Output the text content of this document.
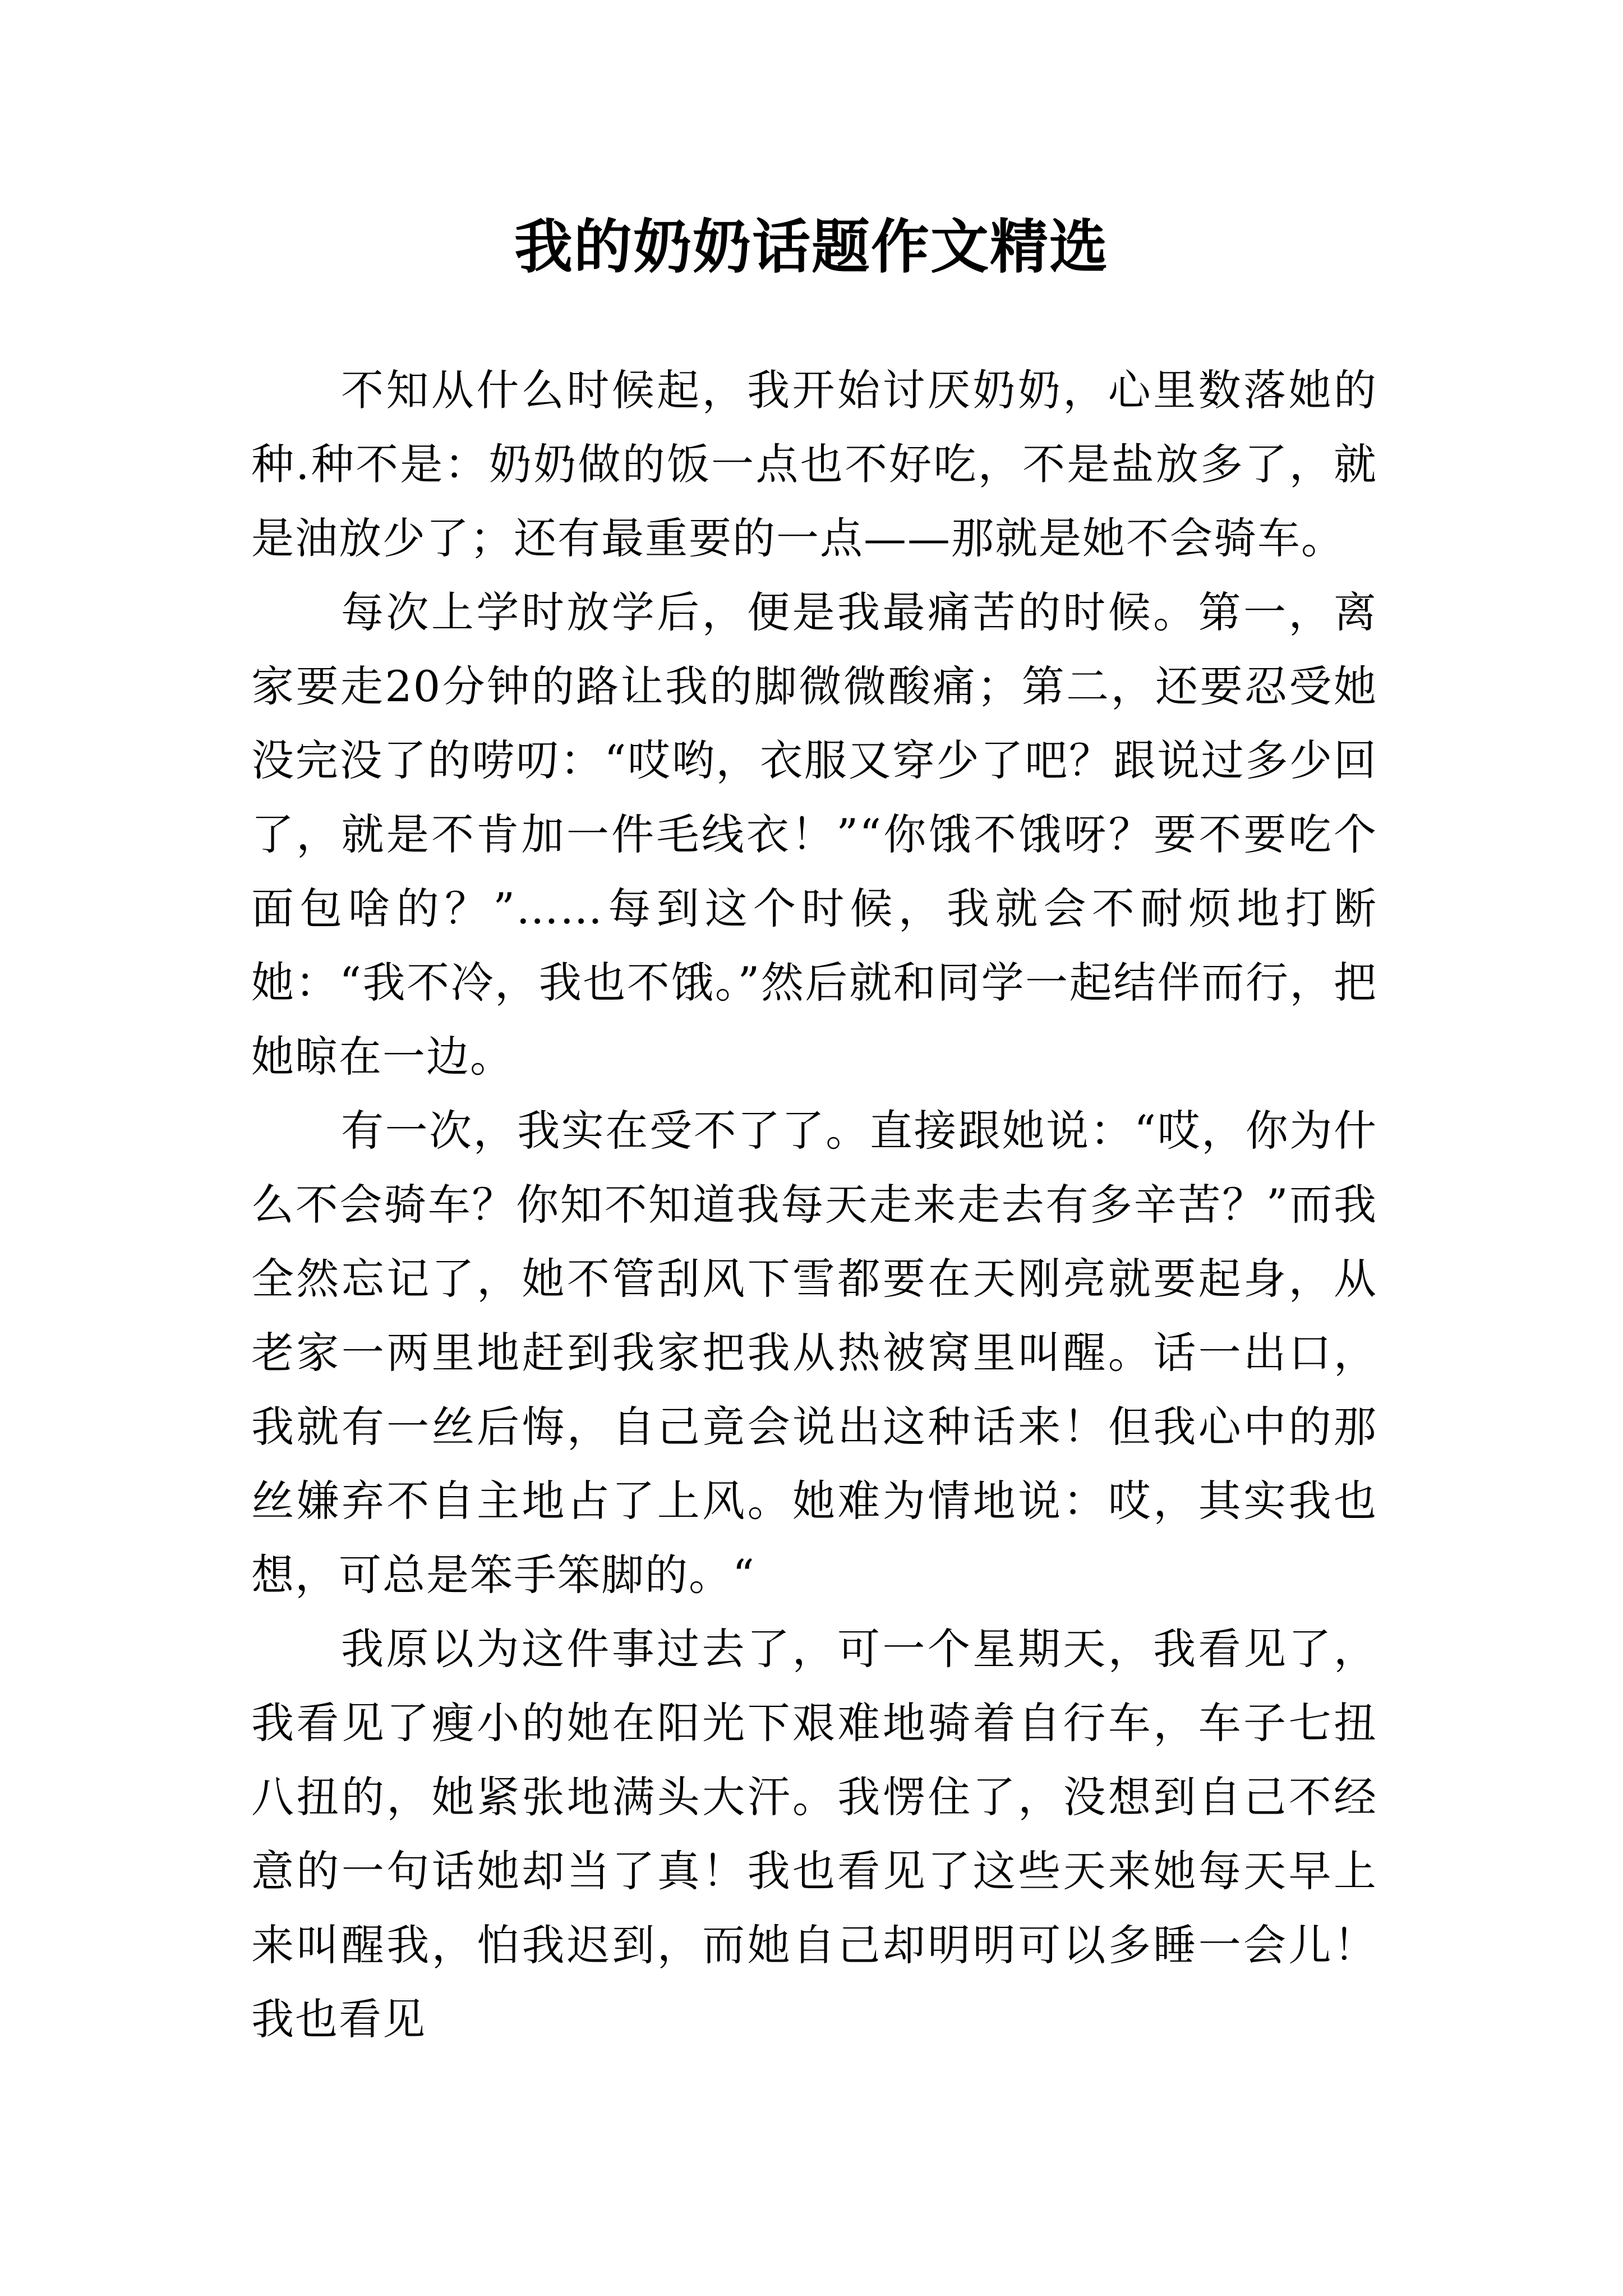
我的奶奶话题作文精选

不知从什么时候起，我开始讨厌奶奶，心里数落她的种.种不是：奶奶做的饭一点也不好吃，不是盐放多了，就是油放少了；还有最重要的一点——那就是她不会骑车。

每次上学时放学后，便是我最痛苦的时候。第一，离家要走20分钟的路让我的脚微微酸痛；第二，还要忍受她没完没了的唠叨：“哎哟，衣服又穿少了吧？跟说过多少回了，就是不肯加一件毛线衣！”“你饿不饿呀？要不要吃个面包啥的？”……每到这个时候，我就会不耐烦地打断她：“我不冷，我也不饿。”然后就和同学一起结伴而行，把她晾在一边。

有一次，我实在受不了了。直接跟她说：“哎，你为什么不会骑车？你知不知道我每天走来走去有多辛苦？”而我全然忘记了，她不管刮风下雪都要在天刚亮就要起身，从老家一两里地赶到我家把我从热被窝里叫醒。话一出口，我就有一丝后悔，自己竟会说出这种话来！但我心中的那丝嫌弃不自主地占了上风。她难为情地说：哎，其实我也想，可总是笨手笨脚的。“

我原以为这件事过去了，可一个星期天，我看见了，我看见了瘦小的她在阳光下艰难地骑着自行车，车子七扭八扭的，她紧张地满头大汗。我愣住了，没想到自己不经意的一句话她却当了真！我也看见了这些天来她每天早上来叫醒我，怕我迟到，而她自己却明明可以多睡一会儿！我也看见
